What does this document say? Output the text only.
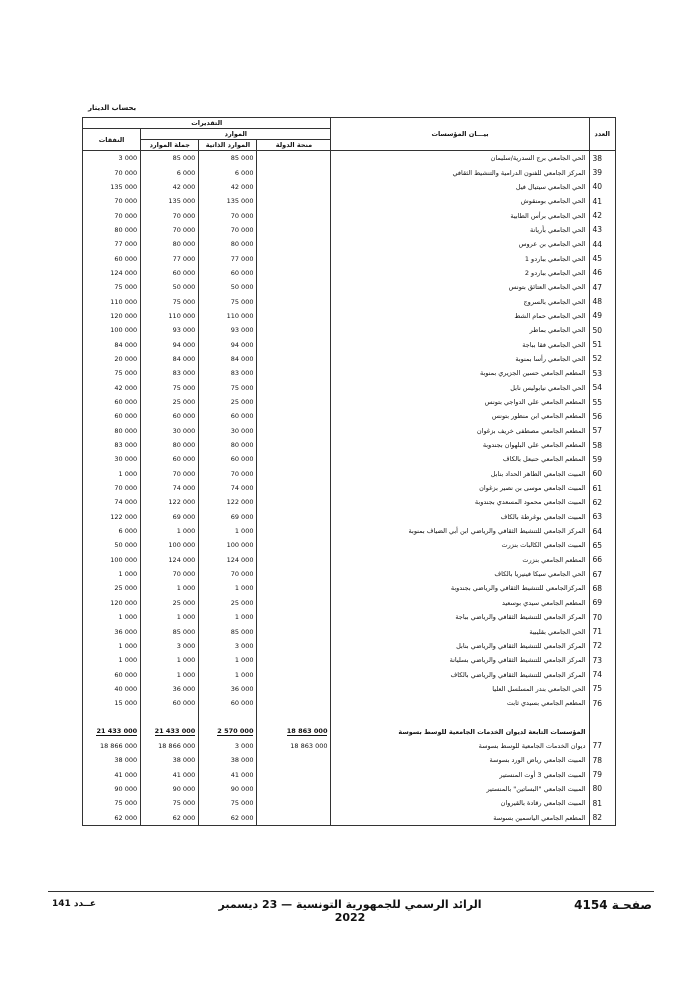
بحساب الدينار
التقديرات				بيـــان المؤسسات	العدد
النفقات	الموارد				
	جملة الموارد	الموارد الذاتية	منحة الدولة		
3 000	85 000	85 000		الحي الجامعي برج السدرية/سليمان	38
70 000	6 000	6 000		المركز الجامعي للفنون الدرامية والتنشيط الثقافي	39
135 000	42 000	42 000		الحي الجامعي سيتيال فيل	40
70 000	135 000	135 000		الحي الجامعي بومنقوش	41
70 000	70 000	70 000		الحي الجامعي برأس الطابية	42
80 000	70 000	70 000		الحي الجامعي بأريانة	43
77 000	80 000	80 000		الحي الجامعي بن عروس	44
60 000	77 000	77 000		الحي الجامعي بباردو 1	45
124 000	60 000	60 000		الحي الجامعي بباردو 2	46
75 000	50 000	50 000		الحي الجامعي العتائق بتونس	47
110 000	75 000	75 000		الحي الجامعي بالسروج	48
120 000	110 000	110 000		الحي الجامعي حمام الشط	49
100 000	93 000	93 000		الحي الجامعي بماطر	50
84 000	94 000	94 000		الحي الجامعي فقا بباجة	51
20 000	84 000	84 000		الحي الجامعي رأسا بمنوبة	52
75 000	83 000	83 000		المطعم الجامعي حسين الجزيري بمنوبة	53
42 000	75 000	75 000		الحي الجامعي نيابوليس نابل	54
60 000	25 000	25 000		المطعم الجامعي علي الدواجي بتونس	55
60 000	60 000	60 000		المطعم الجامعي ابن منظور بتونس	56
80 000	30 000	30 000		المطعم الجامعي مصطفى خريف بزغوان	57
83 000	80 000	80 000		المطعم الجامعي علي البلهوان بجندوبة	58
30 000	60 000	60 000		المطعم الجامعي حنبعل بالكاف	59
1 000	70 000	70 000		المبيت الجامعي الطاهر الحداد بنابل	60
70 000	74 000	74 000		المبيت الجامعي موسى بن نصير بزغوان	61
74 000	122 000	122 000		المبيت الجامعي محمود المسعدي بجندوبة	62
122 000	69 000	69 000		المبيت الجامعي بوغرطة بالكاف	63
6 000	1 000	1 000		المركز الجامعي للتنشيط الثقافي والرياضي ابن أبي الضياف بمنوبة	64
50 000	100 000	100 000		المبيت الجامعي الكالبات بنزرت	65
100 000	124 000	124 000		المطعم الجامعي بنزرت	66
1 000	70 000	70 000		الحي الجامعي سيكا فينيريا بالكاف	67
25 000	1 000	1 000		المركزالجامعي للتنشيط الثقافي والرياضي بجندوبة	68
120 000	25 000	25 000		المطعم الجامعي سيدي بوسعيد	69
1 000	1 000	1 000		المركز الجامعي للتنشيط الثقافي والرياضي بباجة	70
36 000	85 000	85 000		الحي الجامعي بقليبية	71
1 000	3 000	3 000		المركز الجامعي للتنشيط الثقافي والرياضي بنابل	72
1 000	1 000	1 000		المركز الجامعي للتنشيط الثقافي والرياضي بسليانة	73
60 000	1 000	1 000		المركز الجامعي للتنشيط الثقافي والرياضي بالكاف	74
40 000	36 000	36 000		الحي الجامعي بندر المسلسل العليا	75
15 000	60 000	60 000		المطعم الجامعي بسيدي ثابت	76

21 433 000	21 433 000	2 570 000	18 863 000	المؤسسات التابعة لديوان الخدمات الجامعية للوسط بسوسة	
18 866 000	18 866 000	3 000	18 863 000	ديوان الخدمات الجامعية للوسط بسوسة	77
38 000	38 000	38 000		المبيت الجامعي رياض الورد بسوسة	78
41 000	41 000	41 000		المبيت الجامعي 3 أوت المنستير	79
90 000	90 000	90 000		المبيت الجامعي "البساتين" بالمنستير	80
75 000	75 000	75 000		المبيت الجامعي رقادة بالقيروان	81
62 000	62 000	62 000		المطعم الجامعي الياسمين بسوسة	82
صفحـة 4154
الرائد الرسمي للجمهورية التونسية — 23 ديسمبر 2022
عــدد 141
